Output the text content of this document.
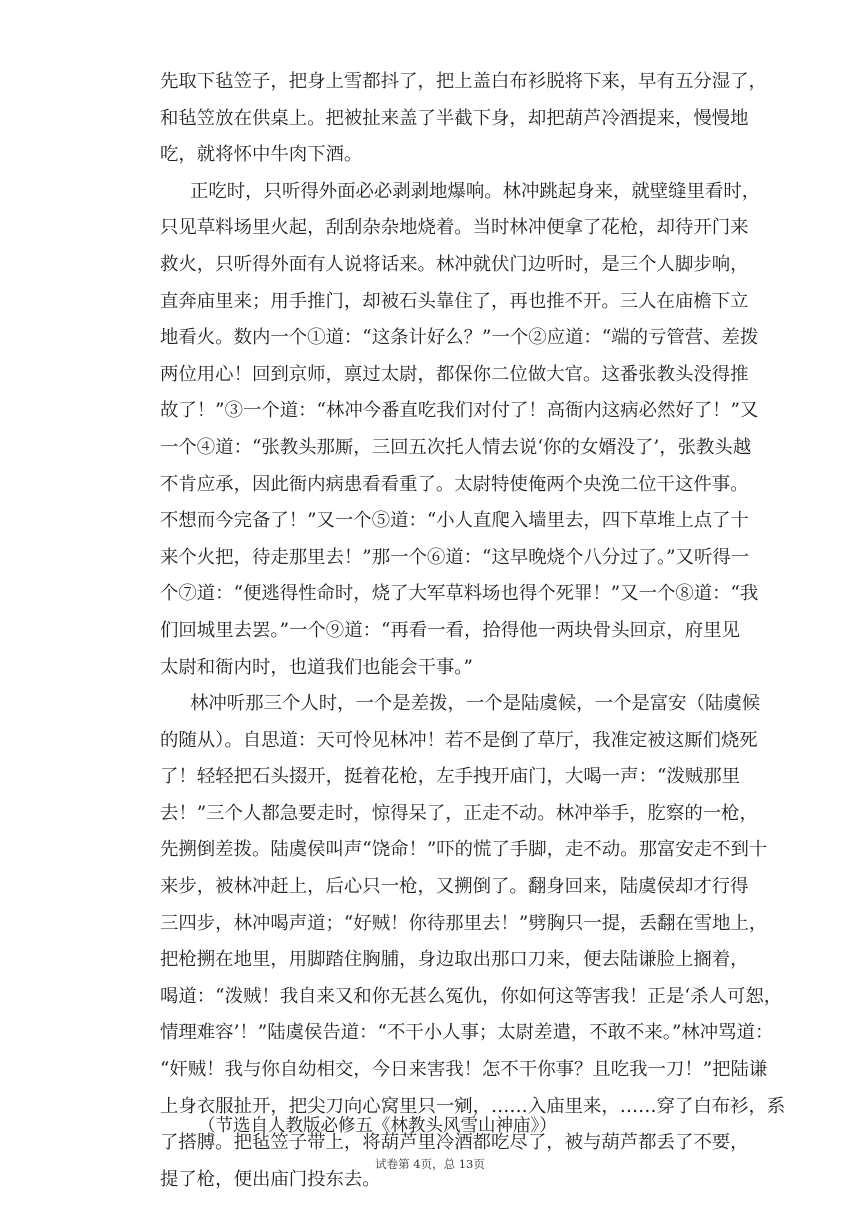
先取下毡笠子，把身上雪都抖了，把上盖白布衫脱将下来，早有五分湿了，
和毡笠放在供桌上。把被扯来盖了半截下身，却把葫芦冷酒提来，慢慢地
吃，就将怀中牛肉下酒。
正吃时，只听得外面必必剥剥地爆响。林冲跳起身来，就壁缝里看时，
只见草料场里火起，刮刮杂杂地烧着。当时林冲便拿了花枪，却待开门来
救火，只听得外面有人说将话来。林冲就伏门边听时，是三个人脚步响，
直奔庙里来；用手推门，却被石头靠住了，再也推不开。三人在庙檐下立
地看火。数内一个①道：“这条计好么？”一个②应道：“端的亏管营、差拨
两位用心！回到京师，禀过太尉，都保你二位做大官。这番张教头没得推
故了！”③一个道：“林冲今番直吃我们对付了！高衙内这病必然好了！”又
一个④道：“张教头那厮，三回五次托人情去说‘你的女婿没了’，张教头越
不肯应承，因此衙内病患看看重了。太尉特使俺两个央浼二位干这件事。
不想而今完备了！”又一个⑤道：“小人直爬入墙里去，四下草堆上点了十
来个火把，待走那里去！”那一个⑥道：“这早晚烧个八分过了。”又听得一
个⑦道：“便逃得性命时，烧了大军草料场也得个死罪！”又一个⑧道：“我
们回城里去罢。”一个⑨道：“再看一看，拾得他一两块骨头回京，府里见
太尉和衙内时，也道我们也能会干事。”
林冲听那三个人时，一个是差拨，一个是陆虞候，一个是富安（陆虞候
的随从）。自思道：天可怜见林冲！若不是倒了草厅，我准定被这厮们烧死
了！轻轻把石头掇开，挺着花枪，左手拽开庙门，大喝一声：“泼贼那里
去！”三个人都急要走时，惊得呆了，正走不动。林冲举手，肐察的一枪，
先搠倒差拨。陆虞侯叫声“饶命！”吓的慌了手脚，走不动。那富安走不到十
来步，被林冲赶上，后心只一枪，又搠倒了。翻身回来，陆虞侯却才行得
三四步，林冲喝声道；“好贼！你待那里去！”劈胸只一提，丢翻在雪地上，
把枪搠在地里，用脚踏住胸脯，身边取出那口刀来，便去陆谦脸上搁着，
喝道：“泼贼！我自来又和你无甚么冤仇，你如何这等害我！正是‘杀人可恕，
情理难容’！”陆虞侯告道：“不干小人事；太尉差遣，不敢不来。”林冲骂道：
“奸贼！我与你自幼相交，今日来害我！怎不干你事？且吃我一刀！”把陆谦
上身衣服扯开，把尖刀向心窝里只一剜，……入庙里来，……穿了白布衫，系
了搭膊。把毡笠子带上，将葫芦里冷酒都吃尽了，被与葫芦都丢了不要，
提了枪，便出庙门投东去。
（节选自人教版必修五《林教头风雪山神庙》）
试卷第 4页，总 13页
